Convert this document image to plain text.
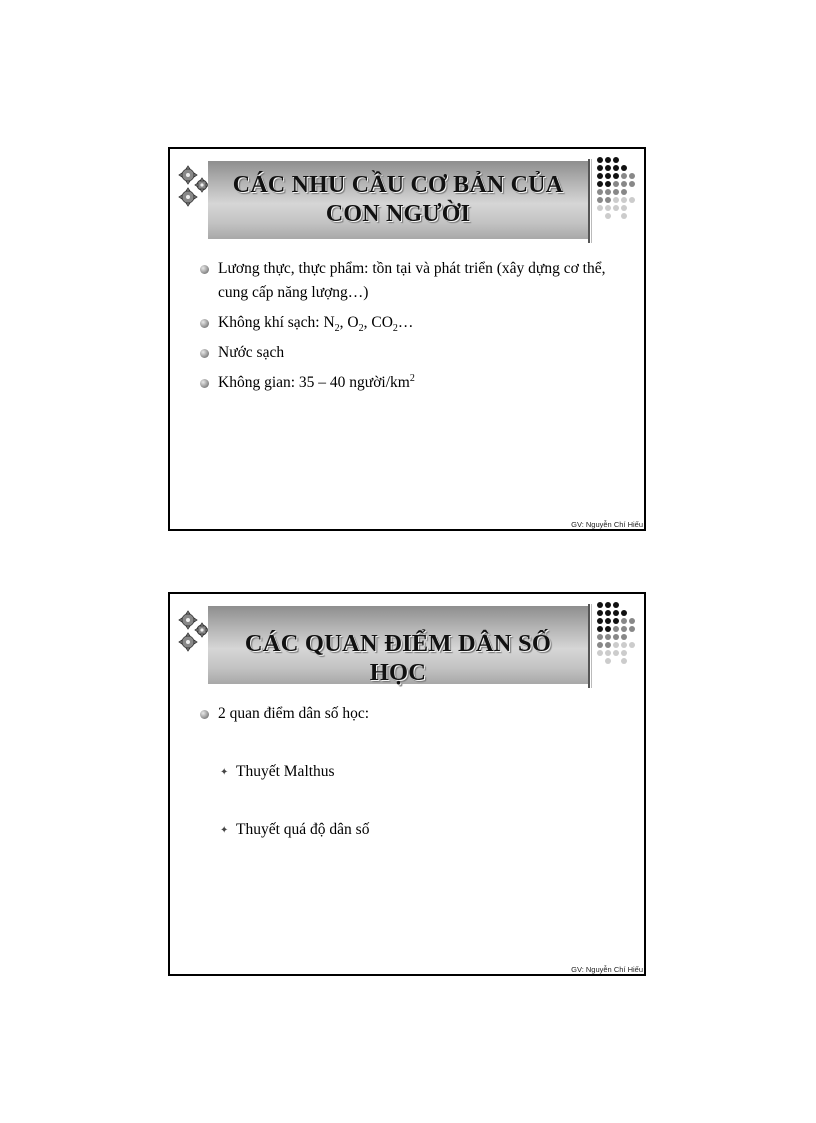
CÁC NHU CẦU CƠ BẢN CỦA
CON NGƯỜI
Lương thực, thực phẩm: tồn tại và phát triển (xây dựng cơ thể, cung cấp năng lượng…)
Không khí sạch: $N_2$, $O_2$, $CO_2\dots$
Nước sạch
Không gian: 35 – 40 người/$km^2$
GV: Nguyễn Chí Hiếu
CÁC QUAN ĐIỂM DÂN SỐ HỌC
2 quan điểm dân số học:
✦ Thuyết Malthus
✦ Thuyết quá độ dân số
GV: Nguyễn Chí Hiếu
